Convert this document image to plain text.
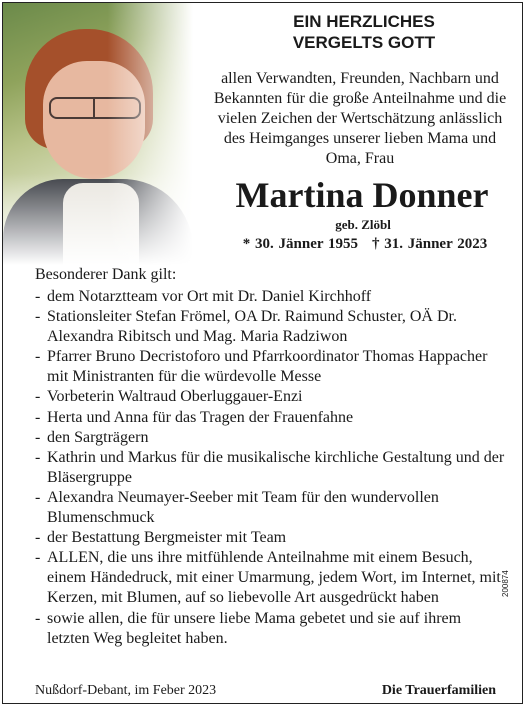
EIN HERZLICHES
VERGELTS GOTT

allen Verwandten, Freunden, Nachbarn und
Bekannten für die große Anteilnahme und die
vielen Zeichen der Wertschätzung anlässlich
des Heimganges unserer lieben Mama und
Oma, Frau

Martina Donner
geb. Zlöbl
* 30. Jänner 1955 † 31. Jänner 2023
Besonderer Dank gilt:
- dem Notarztteam vor Ort mit Dr. Daniel Kirchhoff
- Stationsleiter Stefan Frömel, OA Dr. Raimund Schuster, OÄ Dr. Alexandra Ribitsch und Mag. Maria Radziwon
- Pfarrer Bruno Decristoforo und Pfarrkoordinator Thomas Happacher mit Ministranten für die würdevolle Messe
- Vorbeterin Waltraud Oberluggauer-Enzi
- Herta und Anna für das Tragen der Frauenfahne
- den Sargträgern
- Kathrin und Markus für die musikalische kirchliche Gestaltung und der Bläsergruppe
- Alexandra Neumayer-Seeber mit Team für den wundervollen Blumenschmuck
- der Bestattung Bergmeister mit Team
- ALLEN, die uns ihre mitfühlende Anteilnahme mit einem Besuch, einem Händedruck, mit einer Umarmung, jedem Wort, im Internet, mit Kerzen, mit Blumen, auf so liebevolle Art ausgedrückt haben
- sowie allen, die für unsere liebe Mama gebetet und sie auf ihrem letzten Weg begleitet haben.
200874
Nußdorf-Debant, im Feber 2023	Die Trauerfamilien
